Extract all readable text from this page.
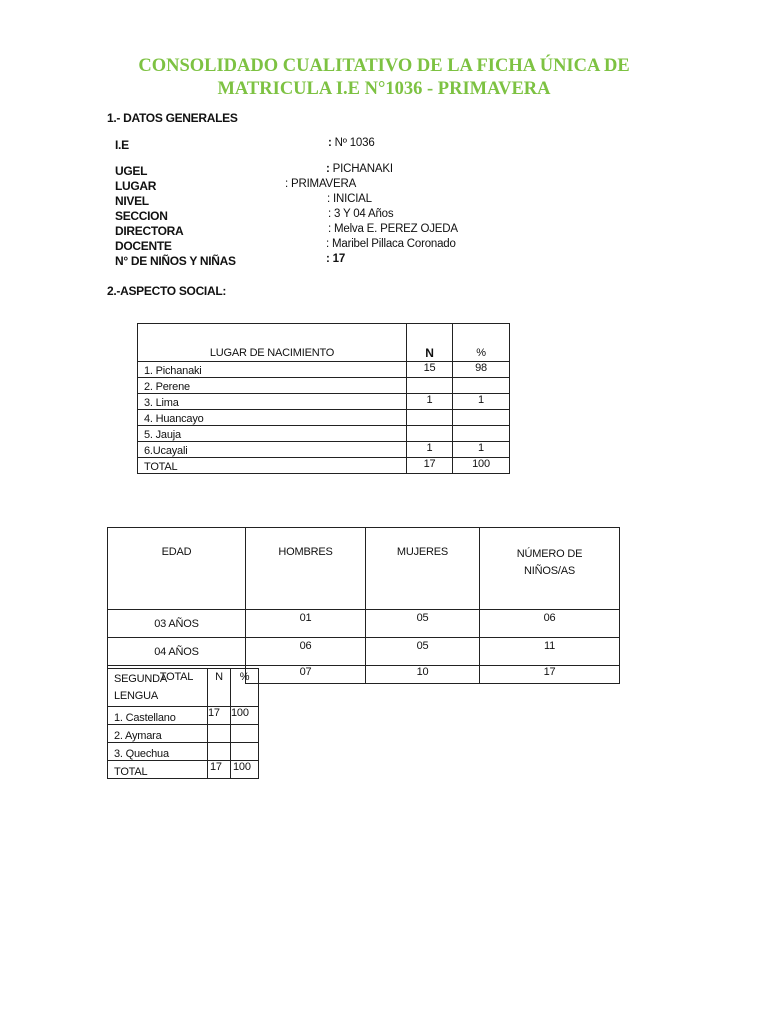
CONSOLIDADO CUALITATIVO DE LA FICHA ÚNICA DE
MATRICULA I.E N°1036 - PRIMAVERA
1.- DATOS GENERALES
I.E	: Nº 1036
UGEL	: PICHANAKI
LUGAR	: PRIMAVERA
NIVEL	: INICIAL
SECCION	: 3 Y 04 Años
DIRECTORA	: Melva E. PEREZ OJEDA
DOCENTE	: Maribel Pillaca Coronado
N° DE NIÑOS Y NIÑAS	: 17
2.-ASPECTO SOCIAL:
LUGAR DE NACIMIENTO	N	%
1. Pichanaki	15	98
2. Perene		
3. Lima	1	1
4. Huancayo		
5. Jauja		
6.Ucayali	1	1
TOTAL	17	100
EDAD	HOMBRES	MUJERES	NÚMERO DE
NIÑOS/AS

03 AÑOS	01	05	06
04 AÑOS	06	05	11
TOTAL	07	10	17
SEGUNDA
LENGUA	N	%
1. Castellano	17	100
2. Aymara		
3. Quechua		
TOTAL	17	100
